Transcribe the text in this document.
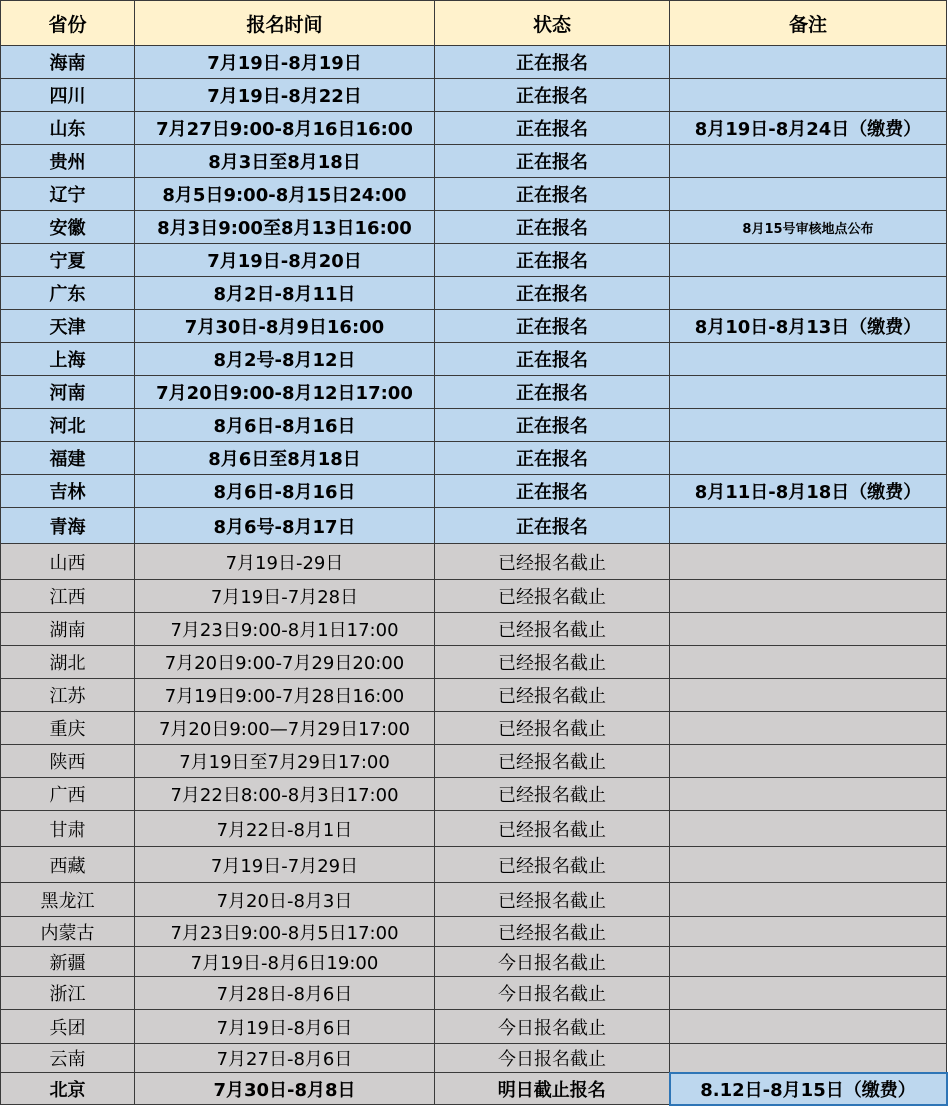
省份	报名时间	状态	备注
海南	7月19日-8月19日	正在报名	
四川	7月19日-8月22日	正在报名	
山东	7月27日9:00-8月16日16:00	正在报名	8月19日-8月24日（缴费）
贵州	8月3日至8月18日	正在报名	
辽宁	8月5日9:00-8月15日24:00	正在报名	
安徽	8月3日9:00至8月13日16:00	正在报名	8月15号审核地点公布
宁夏	7月19日-8月20日	正在报名	
广东	8月2日-8月11日	正在报名	
天津	7月30日-8月9日16:00	正在报名	8月10日-8月13日（缴费）
上海	8月2号-8月12日	正在报名	
河南	7月20日9:00-8月12日17:00	正在报名	
河北	8月6日-8月16日	正在报名	
福建	8月6日至8月18日	正在报名	
吉林	8月6日-8月16日	正在报名	8月11日-8月18日（缴费）
青海	8月6号-8月17日	正在报名	
山西	7月19日-29日	已经报名截止	
江西	7月19日-7月28日	已经报名截止	
湖南	7月23日9:00-8月1日17:00	已经报名截止	
湖北	7月20日9:00-7月29日20:00	已经报名截止	
江苏	7月19日9:00-7月28日16:00	已经报名截止	
重庆	7月20日9:00—7月29日17:00	已经报名截止	
陕西	7月19日至7月29日17:00	已经报名截止	
广西	7月22日8:00-8月3日17:00	已经报名截止	
甘肃	7月22日-8月1日	已经报名截止	
西藏	7月19日-7月29日	已经报名截止	
黑龙江	7月20日-8月3日	已经报名截止	
内蒙古	7月23日9:00-8月5日17:00	已经报名截止	
新疆	7月19日-8月6日19:00	今日报名截止	
浙江	7月28日-8月6日	今日报名截止	
兵团	7月19日-8月6日	今日报名截止	
云南	7月27日-8月6日	今日报名截止	
北京	7月30日-8月8日	明日截止报名	8.12日-8月15日（缴费）
